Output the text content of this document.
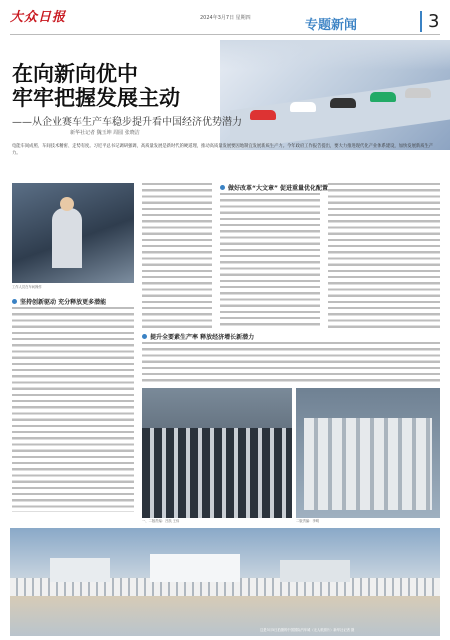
大众日报	2024年3月7日 星期四	专题新闻	3
在向新向优中
牢牢把握发展主动
——从企业赛车生产车稳步提升看中国经济优势潜力
新华社记者 魏玉坤 周圆 张晓洁
电能车间成照、车间技术精密、走势有度。习近平总书记调研强调，高质量发展是新时代的硬道理，推动高质量发展要因地制宜发展新质生产力。今年政府工作报告提出，要大力推进现代化产业体系建设，加快发展新质生产力。
工作人员在车间操作
坚持创新驱动 充分释放更多潜能
做好改革“大文章” 促进重量优化配置
提升全要素生产率 释放经济增长新潜力
一、二版责编：吕凯 王伟	二版责编：李明
这是3月5日拍摄的中国国际汽车城（无人机照片）新华社记者 摄
